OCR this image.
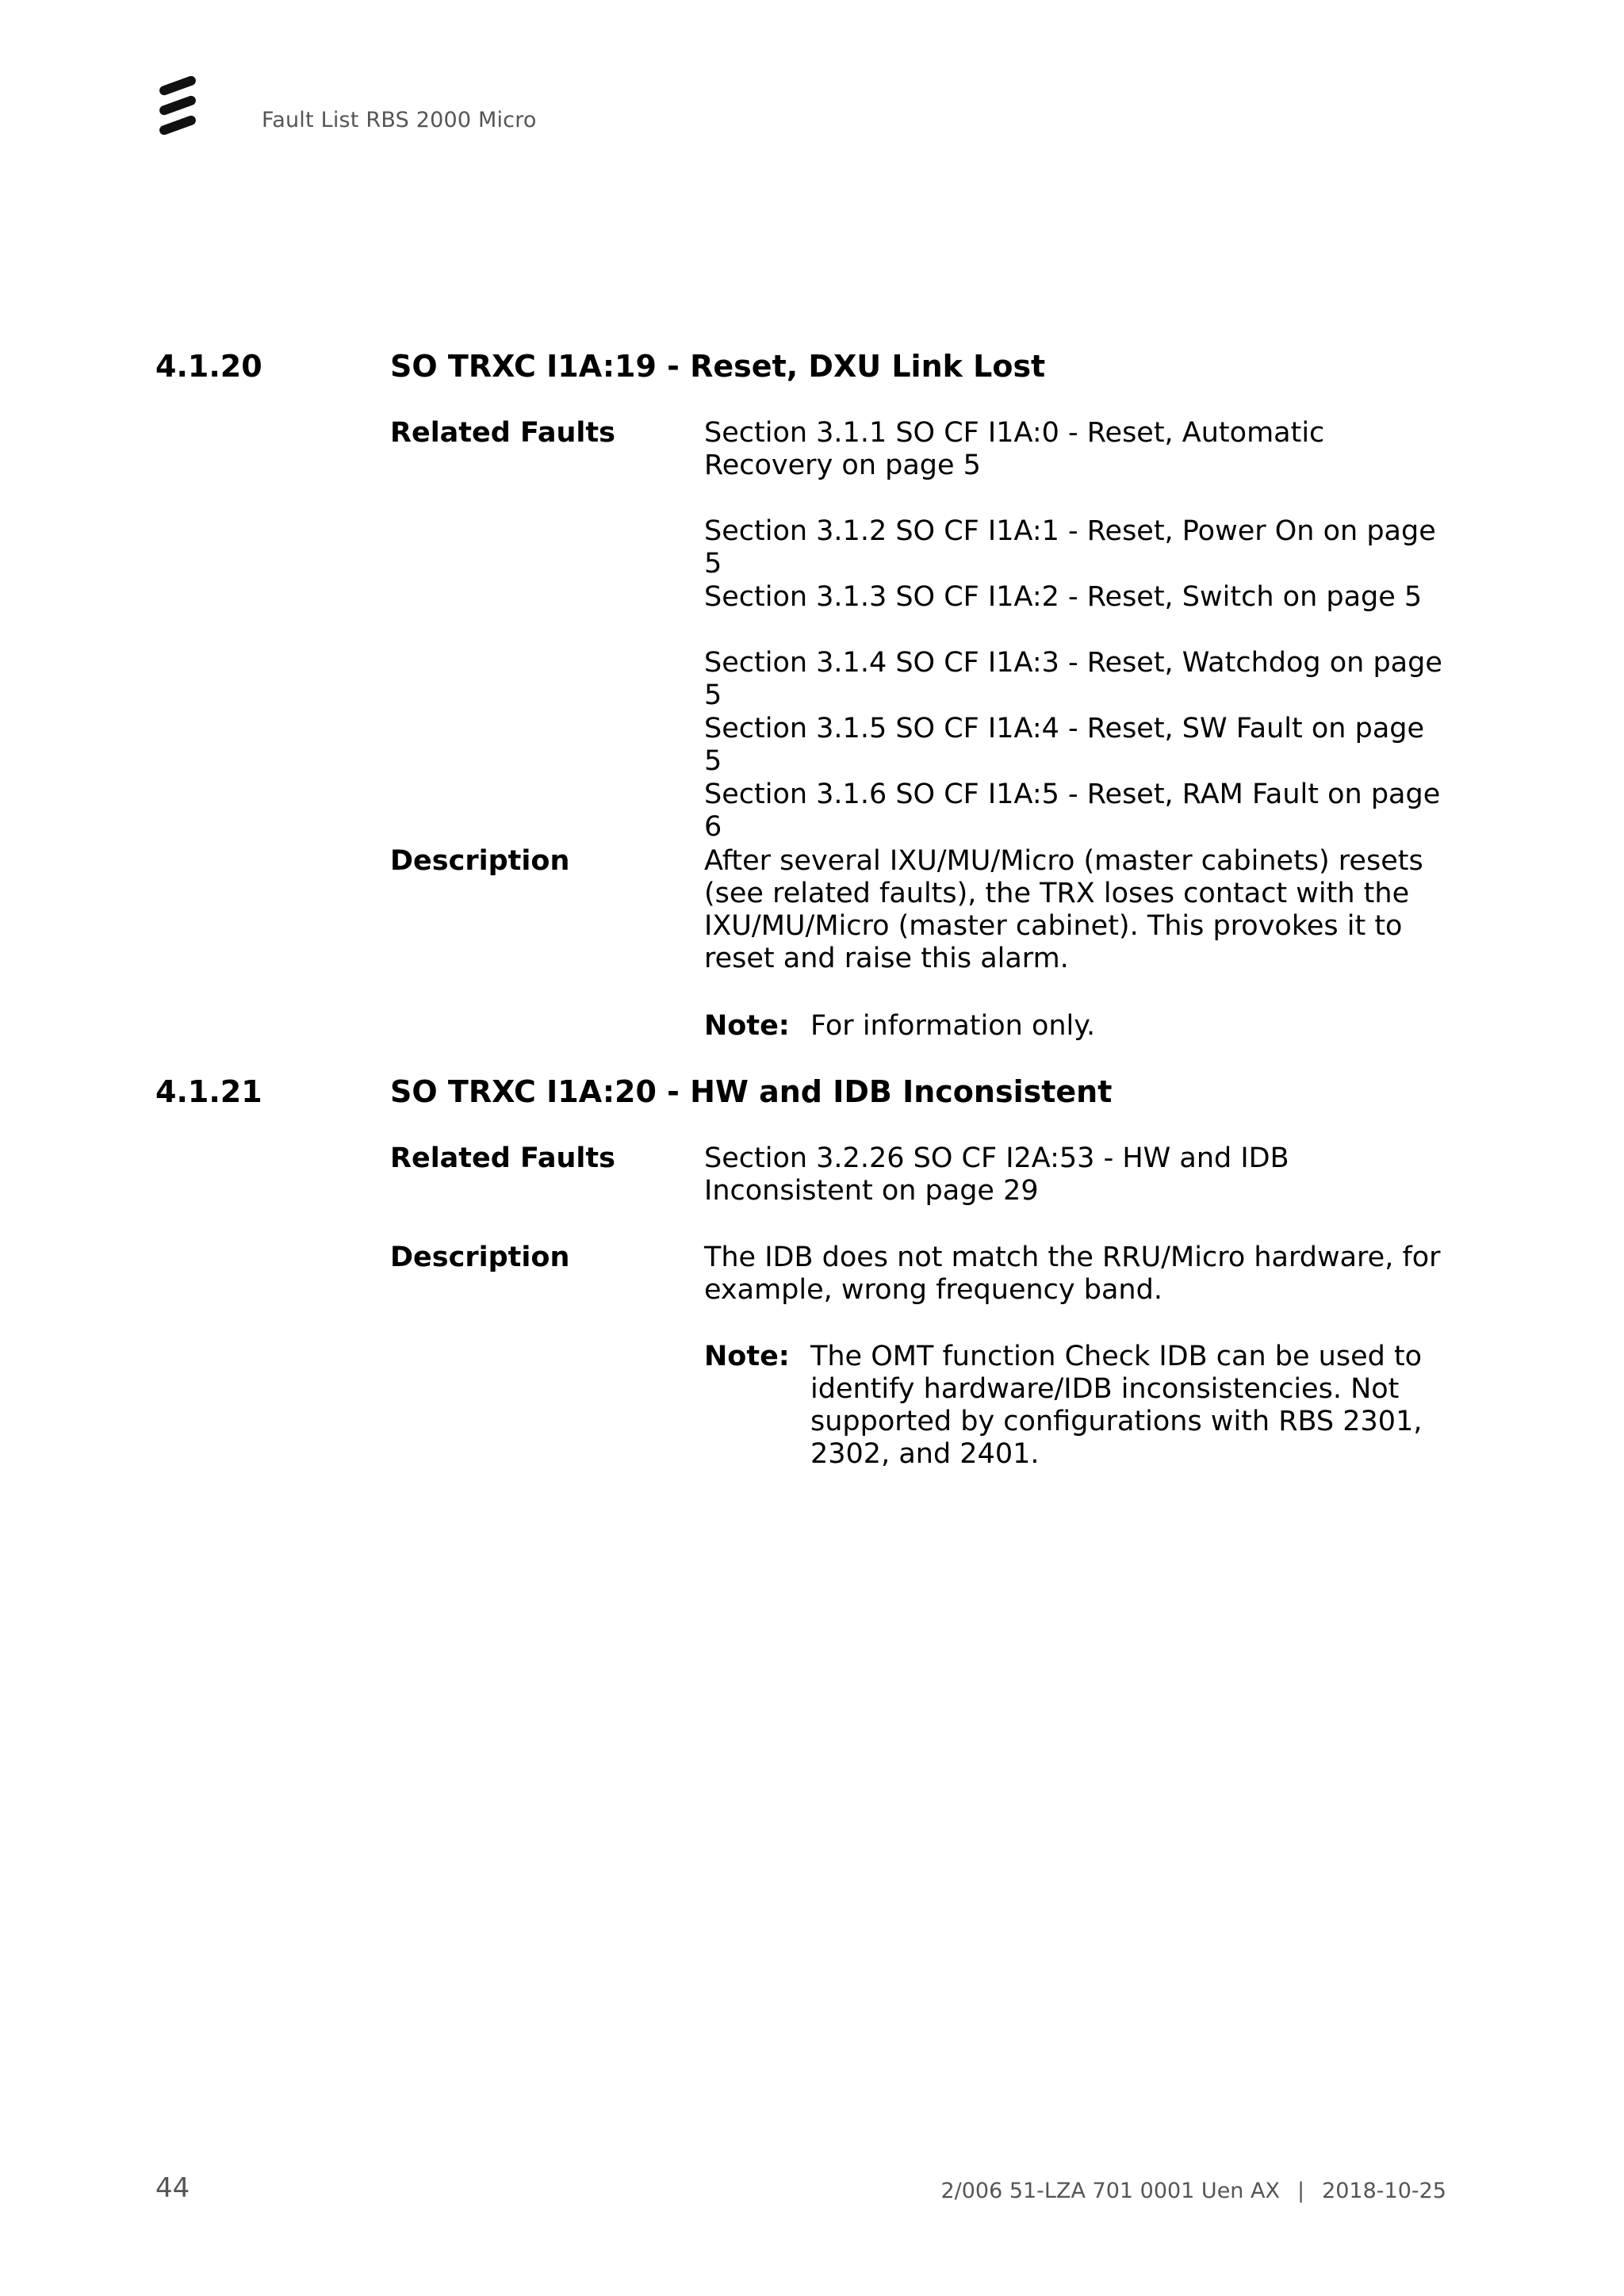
Fault List RBS 2000 Micro
4.1.20	SO TRXC I1A:19 - Reset, DXU Link Lost
Related Faults	Section 3.1.1 SO CF I1A:0 - Reset, Automatic Recovery on page 5
Section 3.1.2 SO CF I1A:1 - Reset, Power On on page 5
Section 3.1.3 SO CF I1A:2 - Reset, Switch on page 5
Section 3.1.4 SO CF I1A:3 - Reset, Watchdog on page 5
Section 3.1.5 SO CF I1A:4 - Reset, SW Fault on page 5
Section 3.1.6 SO CF I1A:5 - Reset, RAM Fault on page 6
Description	After several IXU/MU/Micro (master cabinets) resets (see related faults), the TRX loses contact with the IXU/MU/Micro (master cabinet). This provokes it to reset and raise this alarm.
Note: For information only.
4.1.21	SO TRXC I1A:20 - HW and IDB Inconsistent
Related Faults	Section 3.2.26 SO CF I2A:53 - HW and IDB Inconsistent on page 29
Description	The IDB does not match the RRU/Micro hardware, for example, wrong frequency band.
Note: The OMT function Check IDB can be used to identify hardware/IDB inconsistencies. Not supported by configurations with RBS 2301, 2302, and 2401.
44	2/006 51-LZA 701 0001 Uen AX | 2018-10-25
